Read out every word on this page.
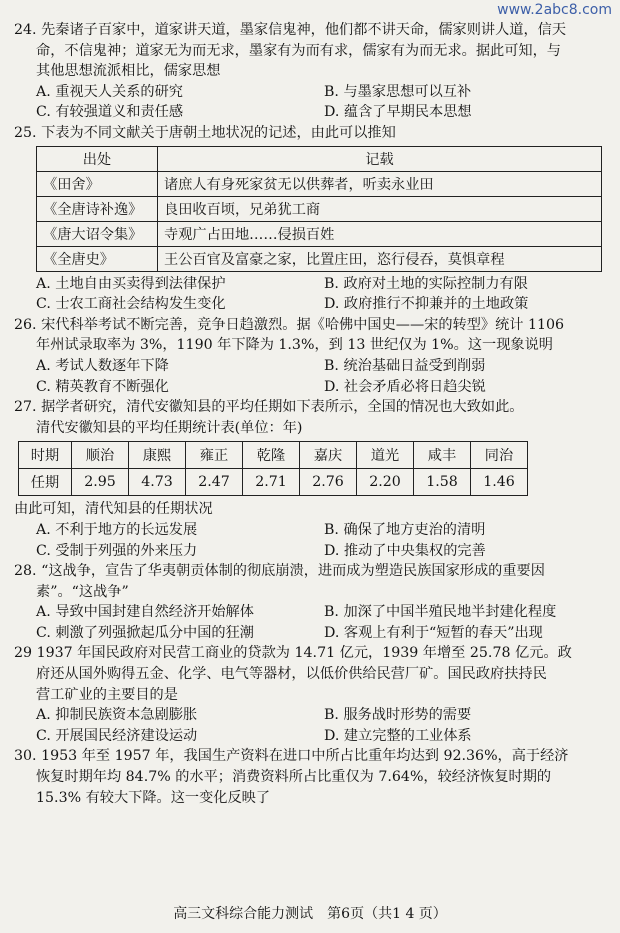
www.2abc8.com
24. 先秦诸子百家中，道家讲天道，墨家信鬼神，他们都不讲天命，儒家则讲人道，信天
命，不信鬼神；道家无为而无求，墨家有为而有求，儒家有为而无求。据此可知，与
其他思想流派相比，儒家思想
A. 重视天人关系的研究	B. 与墨家思想可以互补
C. 有较强道义和责任感	D. 蕴含了早期民本思想
25. 下表为不同文献关于唐朝土地状况的记述，由此可以推知
出处	记载
《田舍》	诸庶人有身死家贫无以供葬者，听卖永业田
《全唐诗补逸》	良田收百顷，兄弟犹工商
《唐大诏令集》	寺观广占田地……侵损百姓
《全唐史》	王公百官及富豪之家，比置庄田，恣行侵吞，莫惧章程
A. 土地自由买卖得到法律保护	B. 政府对土地的实际控制力有限
C. 士农工商社会结构发生变化	D. 政府推行不抑兼并的土地政策
26. 宋代科举考试不断完善，竞争日趋激烈。据《哈佛中国史——宋的转型》统计 1106
年州试录取率为 3%，1190 年下降为 1.3%，到 13 世纪仅为 1%。这一现象说明
A. 考试人数逐年下降	B. 统治基础日益受到削弱
C. 精英教育不断强化	D. 社会矛盾必将日趋尖锐
27. 据学者研究，清代安徽知县的平均任期如下表所示，全国的情况也大致如此。
清代安徽知县的平均任期统计表(单位：年)
时期	顺治	康熙	雍正	乾隆	嘉庆	道光	咸丰	同治
任期	2.95	4.73	2.47	2.71	2.76	2.20	1.58	1.46
由此可知，清代知县的任期状况
A. 不利于地方的长远发展	B. 确保了地方吏治的清明
C. 受制于列强的外来压力	D. 推动了中央集权的完善
28. “这战争，宣告了华夷朝贡体制的彻底崩溃，进而成为塑造民族国家形成的重要因
素”。“这战争”
A. 导致中国封建自然经济开始解体	B. 加深了中国半殖民地半封建化程度
C. 刺激了列强掀起瓜分中国的狂潮	D. 客观上有利于“短暂的春天”出现
29 1937 年国民政府对民营工商业的贷款为 14.71 亿元，1939 年增至 25.78 亿元。政
府还从国外购得五金、化学、电气等器材，以低价供给民营厂矿。国民政府扶持民
营工矿业的主要目的是
A. 抑制民族资本急剧膨胀	B. 服务战时形势的需要
C. 开展国民经济建设运动	D. 建立完整的工业体系
30. 1953 年至 1957 年，我国生产资料在进口中所占比重年均达到 92.36%，高于经济
恢复时期年均 84.7% 的水平；消费资料所占比重仅为 7.64%，较经济恢复时期的
15.3% 有较大下降。这一变化反映了
高三文科综合能力测试　第6页（共1 4 页）
